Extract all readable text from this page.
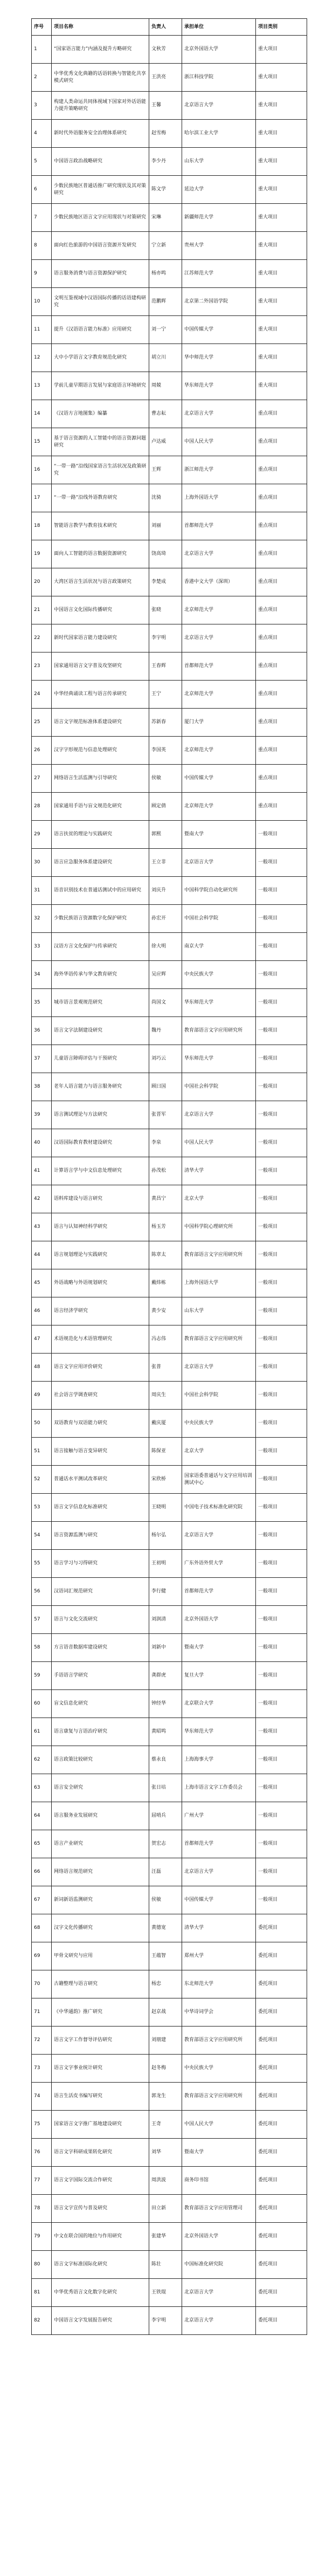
序号	项目名称	负责人	承担单位	项目类别
1	“国家语言能力”内涵及提升方略研究	文秋芳	北京外国语大学	重大项目
2	中华优秀文化典籍的话语转换与智能化共享模式研究	王洪亮	浙江科技学院	重大项目
3	构建人类命运共同体视域下国家对外话语能力提升策略研究	王馨	北京语言大学	重大项目
4	新时代外语服务安全治理体系研究	赵雪梅	哈尔滨工业大学	重大项目
5	中国语言政治战略研究	李少丹	山东大学	重大项目
6	少数民族地区普通话推广研究现状及其对策研究	陈文学	延边大学	重大项目
7	少数民族地区语言文字应用现状与对策研究	宋琳	新疆师范大学	重大项目
8	面向红色旅游的中国语言资源开发研究	宁立新	贵州大学	重大项目
9	语言服务消费与语言资源保护研究	杨亦鸣	江苏师范大学	重大项目
10	文明互鉴视域中汉语国际传播的话语建构研究	范鹏辉	北京第二外国语学院	重大项目
11	提升《汉语语言能力标准》应用研究	刘一宁	中国传媒大学	重大项目
12	大中小学语言文字教育规范化研究	胡立川	华中师范大学	重大项目
13	学前儿童早期语言发展与家庭语言环境研究	周兢	华东师范大学	重大项目
14	《汉语方言地图集》编纂	曹志耘	北京语言大学	重点项目
15	基于语言资源的人工智能中的语言资源问题研究	卢达威	中国人民大学	重点项目
16	“一带一路”沿线国家语言生活状况及政策研究	王辉	浙江师范大学	重点项目
17	“一带一路”沿线外语教育研究	沈骑	上海外国语大学	重点项目
18	智能语言教学与教育技术研究	刘丽	首都师范大学	重点项目
19	面向人工智能的语言数据资源研究	饶高琦	北京语言大学	重点项目
20	大湾区语言生活状况与语言政策研究	李楚成	香港中文大学（深圳）	重点项目
21	中国语言文化国际传播研究	张晓	北京师范大学	重点项目
22	新时代国家语言能力建设研究	李宇明	北京语言大学	重点项目
23	国家通用语言文字普及攻坚研究	王春辉	首都师范大学	重点项目
24	中华经典诵读工程与语言传承研究	王宁	北京师范大学	重点项目
25	语言文字规范标准体系建设研究	苏新春	厦门大学	重点项目
26	汉字字形规范与信息处理研究	李国英	北京师范大学	重点项目
27	网络语言生活监测与引导研究	侯敏	中国传媒大学	重点项目
28	国家通用手语与盲文规范化研究	顾定倩	北京师范大学	重点项目
29	语言扶贫的理论与实践研究	郭熙	暨南大学	一般项目
30	语言应急服务体系建设研究	王立非	北京语言大学	一般项目
31	语音识别技术在普通话测试中的应用研究	刘庆升	中国科学院自动化研究所	一般项目
32	少数民族语言资源数字化保护研究	孙宏开	中国社会科学院	一般项目
33	汉语方言文化保护与传承研究	徐大明	南京大学	一般项目
34	海外华语传承与华文教育研究	吴应辉	中央民族大学	一般项目
35	城市语言景观规范研究	尚国文	华东师范大学	一般项目
36	语言文字法制建设研究	魏丹	教育部语言文字应用研究所	一般项目
37	儿童语言障碍评估与干预研究	刘巧云	华东师范大学	一般项目
38	老年人语言能力与语言服务研究	顾曰国	中国社会科学院	一般项目
39	语言测试理论与方法研究	张晋军	北京语言大学	一般项目
40	汉语国际教育教材建设研究	李泉	中国人民大学	一般项目
41	计算语言学与中文信息处理研究	孙茂松	清华大学	一般项目
42	语料库建设与语言研究	黄昌宁	北京大学	一般项目
43	语言与认知神经科学研究	杨玉芳	中国科学院心理研究所	一般项目
44	语言规划理论与实践研究	陈章太	教育部语言文字应用研究所	一般项目
45	外语战略与外语规划研究	戴炜栋	上海外国语大学	一般项目
46	语言经济学研究	黄少安	山东大学	一般项目
47	术语规范化与术语管理研究	冯志伟	教育部语言文字应用研究所	一般项目
48	语言文字应用评价研究	张普	北京语言大学	一般项目
49	社会语言学调查研究	周庆生	中国社会科学院	一般项目
50	双语教育与双语能力研究	戴庆厦	中央民族大学	一般项目
51	语言接触与语言变异研究	陈保亚	北京大学	一般项目
52	普通话水平测试改革研究	宋欣桥	国家语委普通话与文字应用培训测试中心	一般项目
53	语言文字信息化标准研究	王晓明	中国电子技术标准化研究院	一般项目
54	语言资源监测与研究	杨尔弘	北京语言大学	一般项目
55	语言学习与习得研究	王初明	广东外语外贸大学	一般项目
56	汉语词汇规范研究	李行健	首都师范大学	一般项目
57	语言与文化交流研究	刘润清	北京外国语大学	一般项目
58	方言语音数据库建设研究	刘新中	暨南大学	一般项目
59	手语语言学研究	龚群虎	复旦大学	一般项目
60	盲文信息化研究	钟经华	北京联合大学	一般项目
61	语言康复与言语治疗研究	黄昭鸣	华东师范大学	一般项目
62	语言政策比较研究	蔡永良	上海海事大学	一般项目
63	语言安全研究	张日培	上海市语言文字工作委员会	一般项目
64	语言服务业发展研究	屈哨兵	广州大学	一般项目
65	语言产业研究	贺宏志	首都师范大学	一般项目
66	网络语言规范研究	汪磊	北京语言大学	一般项目
67	新词新语监测研究	侯敏	中国传媒大学	一般项目
68	汉字文化传播研究	黄德宽	清华大学	委托项目
69	甲骨文研究与应用	王蕴智	郑州大学	委托项目
70	古籍整理与语言研究	杨忠	东北师范大学	委托项目
71	《中华通韵》推广研究	赵京战	中华诗词学会	委托项目
72	语言文字工作督导评估研究	刘朋建	教育部语言文字应用研究所	委托项目
73	语言文字事业统计研究	赵冬梅	中央民族大学	委托项目
74	语言生活皮书编写研究	郭龙生	教育部语言文字应用研究所	委托项目
75	国家语言文字推广基地建设研究	王奇	中国人民大学	委托项目
76	语言文字科研成果转化研究	刘华	暨南大学	委托项目
77	语言文字国际交流合作研究	周洪波	商务印书馆	委托项目
78	语言文字宣传与普及研究	田立新	教育部语言文字应用管理司	委托项目
79	中文在联合国的地位与作用研究	张建华	北京外国语大学	委托项目
80	语言文字标准国际化研究	陈壮	中国标准化研究院	委托项目
81	中华优秀语言文化数字化研究	王铁琨	北京语言大学	委托项目
82	中国语言文字发展报告研究	李宇明	北京语言大学	委托项目
